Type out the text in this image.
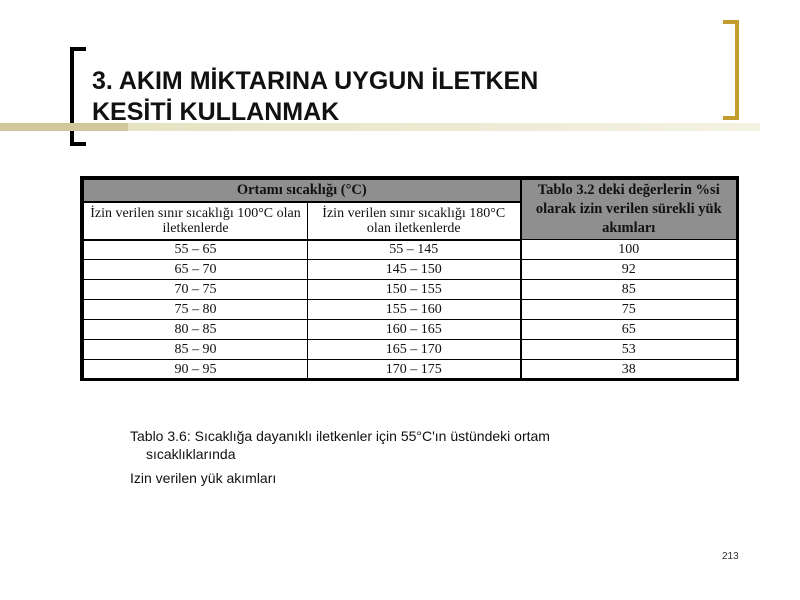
3. AKIM MİKTARINA UYGUN İLETKEN
KESİTİ KULLANMAK
Ortamı sıcaklığı (°C)		Tablo 3.2 deki değerlerin %si olarak izin verilen sürekli yük akımları
İzin verilen sınır sıcaklığı 100°C olan iletkenlerde	İzin verilen sınır sıcaklığı 180°C olan iletkenlerde	
55 – 65	55 – 145	100
65 – 70	145 – 150	92
70 – 75	150 – 155	85
75 – 80	155 – 160	75
80 – 85	160 – 165	65
85 – 90	165 – 170	53
90 – 95	170 – 175	38
Tablo 3.6: Sıcaklığa dayanıklı iletkenler için 55°C'ın üstündeki ortam
sıcaklıklarında
Izin verilen yük akımları
213
